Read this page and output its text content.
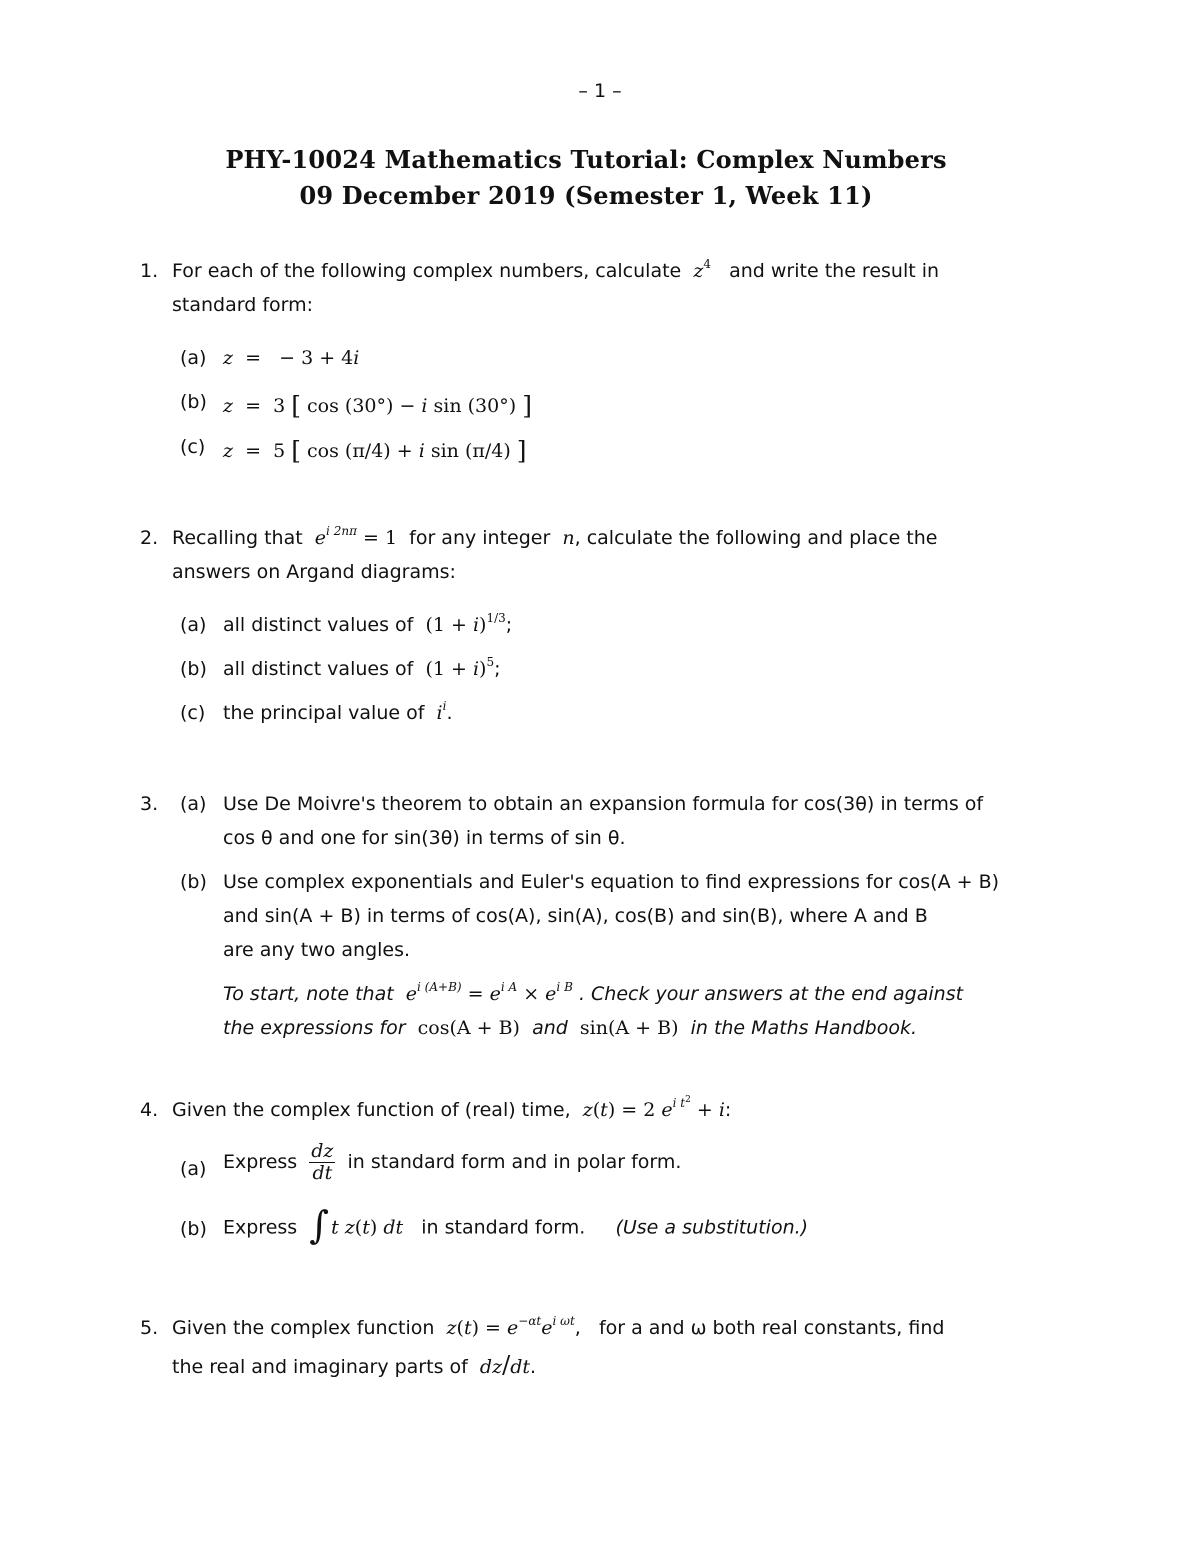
– 1 –
PHY-10024 Mathematics Tutorial: Complex Numbers
09 December 2019 (Semester 1, Week 11)
1. For each of the following complex numbers, calculate $z^4$ and write the result in
standard form:
(a) z  =   − 3 + 4i
(b) z  =  3 [ cos (30°) − i sin (30°) ]
(c) z  =  5 [ cos (π/4) + i sin (π/4) ]
2. Recalling that $e^{i 2n\pi} = 1$ for any integer n, calculate the following and place the
answers on Argand diagrams:
(a) all distinct values of $(1 + i)^{1/3}$;
(b) all distinct values of $(1 + i)^5$;
(c) the principal value of $i^i$.
3. (a) Use De Moivre's theorem to obtain an expansion formula for cos(3θ) in terms of
cos θ and one for sin(3θ) in terms of sin θ.
(b) Use complex exponentials and Euler's equation to find expressions for cos(A + B)
and sin(A + B) in terms of cos(A), sin(A), cos(B) and sin(B), where A and B
are any two angles.
To start, note that $e^{i (A+B)} = e^{i A} \times e^{i B}$ . Check your answers at the end against
the expressions for cos(A + B) and sin(A + B) in the Maths Handbook.
4. Given the complex function of (real) time, z(t) = 2 $e^{i t^2} + i$:
(a) Express $\frac{dz}{dt}$ in standard form and in polar form.
(b) Express ∫ t z(t) dt in standard form. (Use a substitution.)
5. Given the complex function $z(t) = e^{-\alpha t}e^{i \omega t}$,   for a and ω both real constants, find
the real and imaginary parts of dz/dt.
